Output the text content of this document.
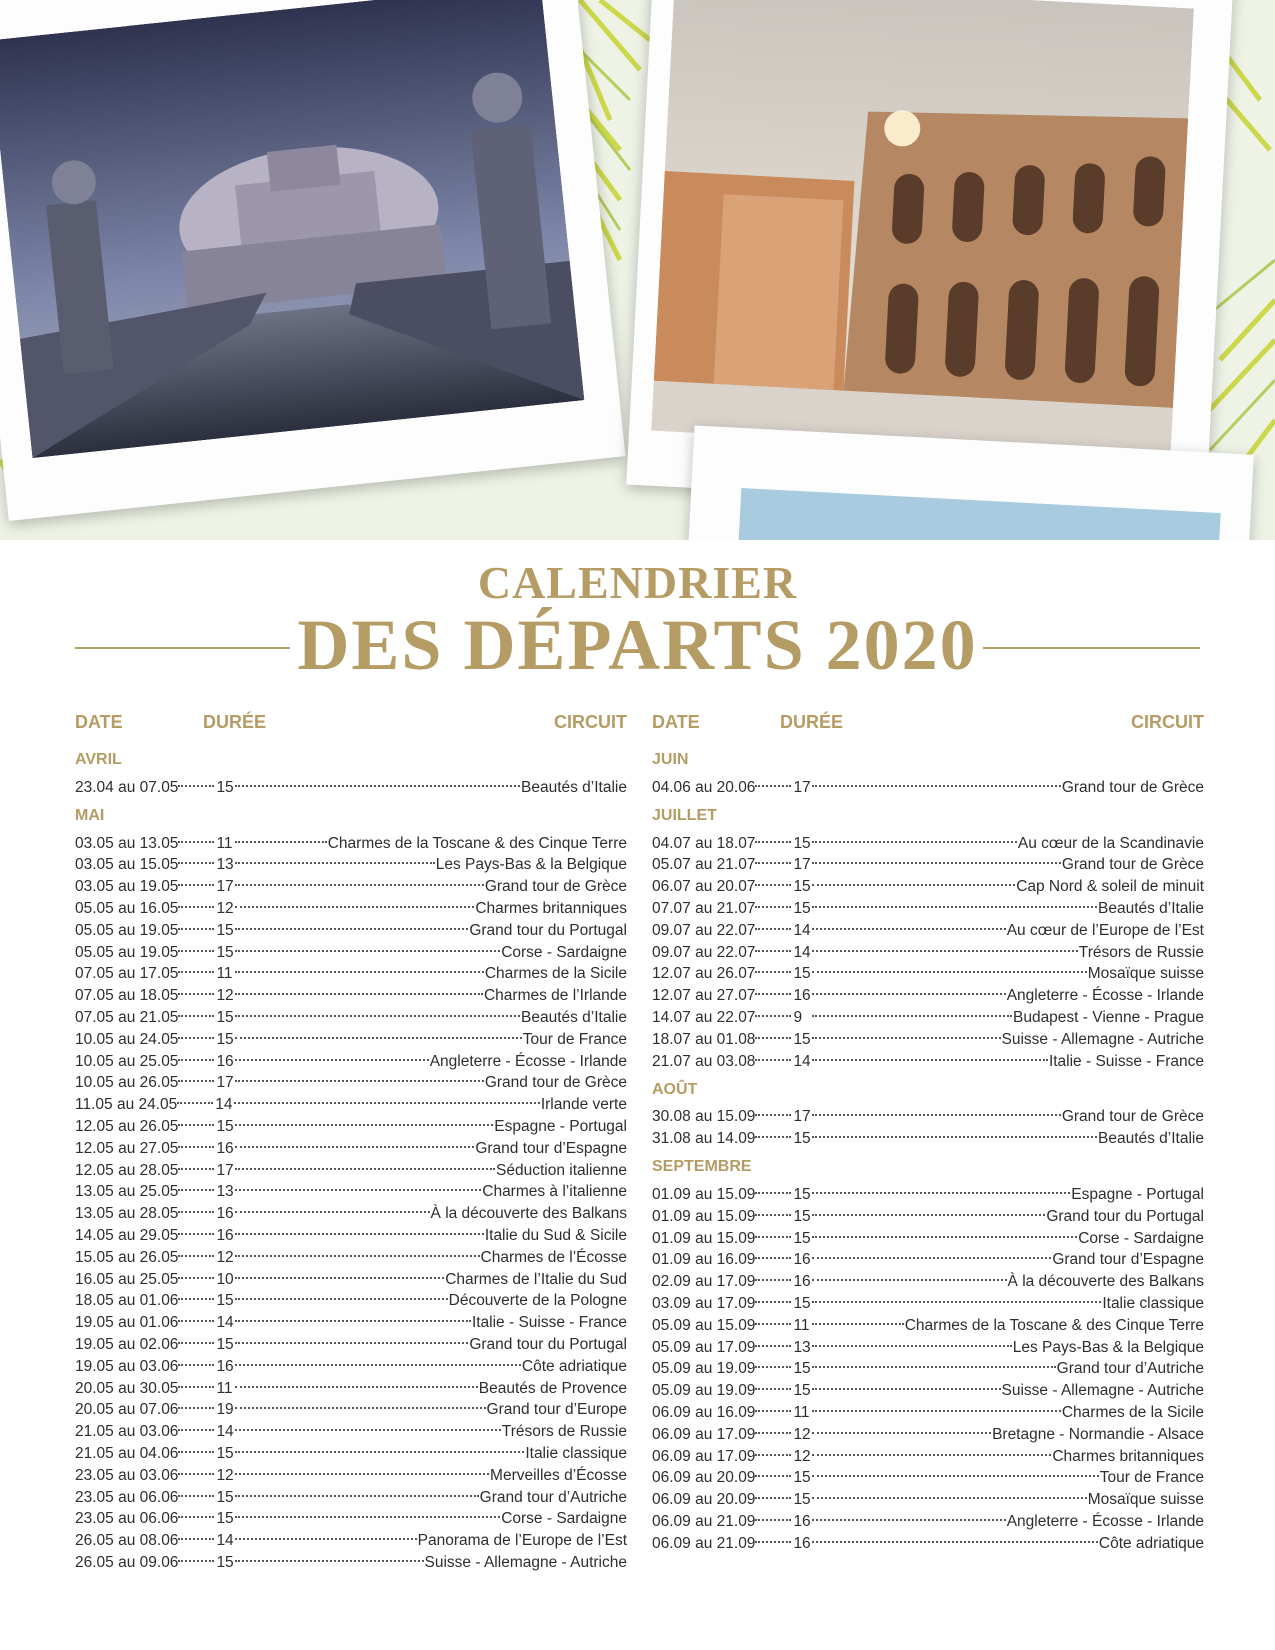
CALENDRIER
DES DÉPARTS 2020
DATE	DURÉE	CIRCUIT
AVRIL
23.04 au 07.05 15	Beautés d’Italie
MAI
03.05 au 13.05 11	Charmes de la Toscane & des Cinque Terre
03.05 au 15.05 13	Les Pays-Bas & la Belgique
03.05 au 19.05 17	Grand tour de Grèce
05.05 au 16.05 12	Charmes britanniques
05.05 au 19.05 15	Grand tour du Portugal
05.05 au 19.05 15	Corse - Sardaigne
07.05 au 17.05 11	Charmes de la Sicile
07.05 au 18.05 12	Charmes de l’Irlande
07.05 au 21.05 15	Beautés d’Italie
10.05 au 24.05 15	Tour de France
10.05 au 25.05 16	Angleterre - Écosse - Irlande
10.05 au 26.05 17	Grand tour de Grèce
11.05 au 24.05 14	Irlande verte
12.05 au 26.05 15	Espagne - Portugal
12.05 au 27.05 16	Grand tour d’Espagne
12.05 au 28.05 17	Séduction italienne
13.05 au 25.05 13	Charmes à l’italienne
13.05 au 28.05 16	À la découverte des Balkans
14.05 au 29.05 16	Italie du Sud & Sicile
15.05 au 26.05 12	Charmes de l’Écosse
16.05 au 25.05 10	Charmes de l’Italie du Sud
18.05 au 01.06 15	Découverte de la Pologne
19.05 au 01.06 14	Italie - Suisse - France
19.05 au 02.06 15	Grand tour du Portugal
19.05 au 03.06 16	Côte adriatique
20.05 au 30.05 11	Beautés de Provence
20.05 au 07.06 19	Grand tour d’Europe
21.05 au 03.06 14	Trésors de Russie
21.05 au 04.06 15	Italie classique
23.05 au 03.06 12	Merveilles d’Écosse
23.05 au 06.06 15	Grand tour d’Autriche
23.05 au 06.06 15	Corse - Sardaigne
26.05 au 08.06 14	Panorama de l’Europe de l’Est
26.05 au 09.06 15	Suisse - Allemagne - Autriche
DATE	DURÉE	CIRCUIT
JUIN
04.06 au 20.06 17	Grand tour de Grèce
JUILLET
04.07 au 18.07 15	Au cœur de la Scandinavie
05.07 au 21.07 17	Grand tour de Grèce
06.07 au 20.07 15	Cap Nord & soleil de minuit
07.07 au 21.07 15	Beautés d’Italie
09.07 au 22.07 14	Au cœur de l’Europe de l’Est
09.07 au 22.07 14	Trésors de Russie
12.07 au 26.07 15	Mosaïque suisse
12.07 au 27.07 16	Angleterre - Écosse - Irlande
14.07 au 22.07 9	Budapest - Vienne - Prague
18.07 au 01.08 15	Suisse - Allemagne - Autriche
21.07 au 03.08 14	Italie - Suisse - France
AOÛT
30.08 au 15.09 17	Grand tour de Grèce
31.08 au 14.09 15	Beautés d’Italie
SEPTEMBRE
01.09 au 15.09 15	Espagne - Portugal
01.09 au 15.09 15	Grand tour du Portugal
01.09 au 15.09 15	Corse - Sardaigne
01.09 au 16.09 16	Grand tour d’Espagne
02.09 au 17.09 16	À la découverte des Balkans
03.09 au 17.09 15	Italie classique
05.09 au 15.09 11	Charmes de la Toscane & des Cinque Terre
05.09 au 17.09 13	Les Pays-Bas & la Belgique
05.09 au 19.09 15	Grand tour d’Autriche
05.09 au 19.09 15	Suisse - Allemagne - Autriche
06.09 au 16.09 11	Charmes de la Sicile
06.09 au 17.09 12	Bretagne - Normandie - Alsace
06.09 au 17.09 12	Charmes britanniques
06.09 au 20.09 15	Tour de France
06.09 au 20.09 15	Mosaïque suisse
06.09 au 21.09 16	Angleterre - Écosse - Irlande
06.09 au 21.09 16	Côte adriatique
